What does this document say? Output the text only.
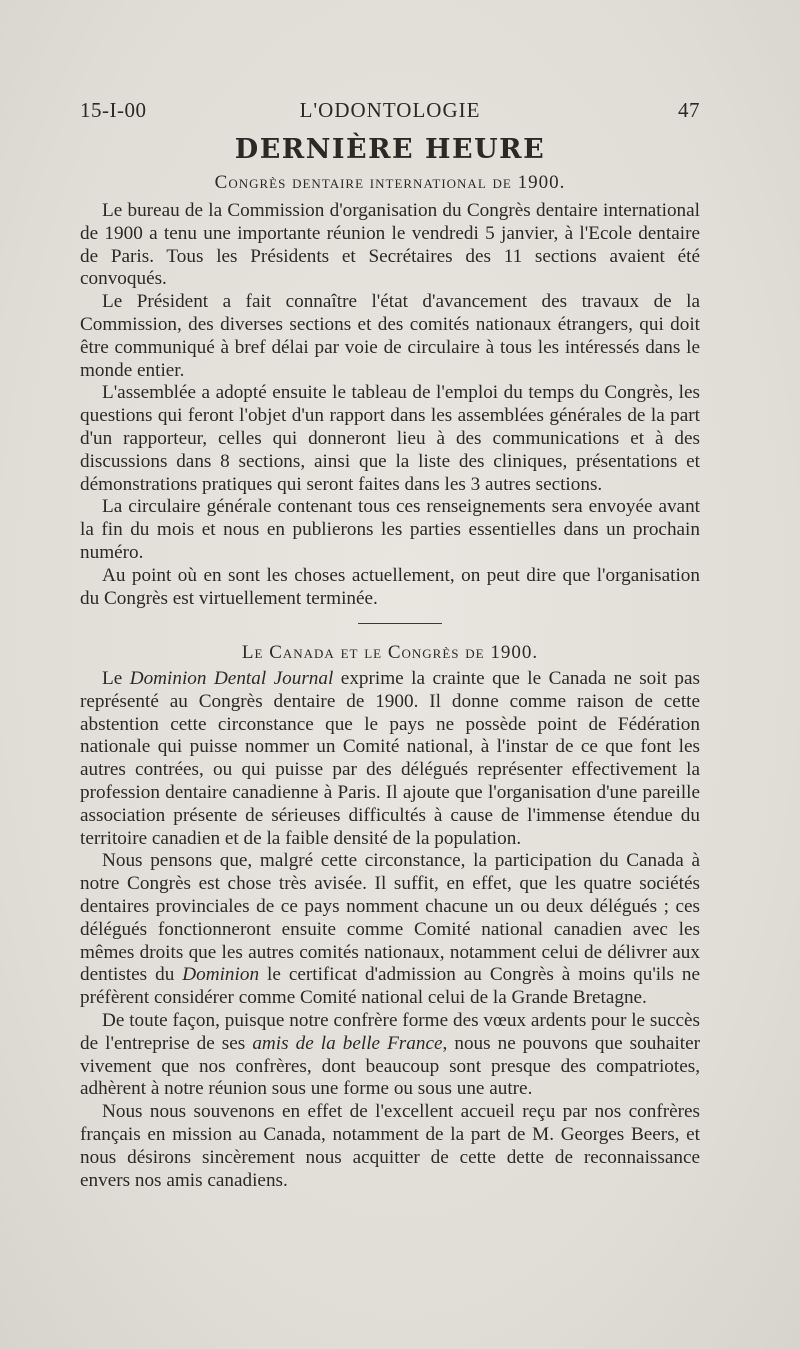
15-I-00	L'ODONTOLOGIE	47
DERNIÈRE HEURE
Congrès dentaire international de 1900.

Le bureau de la Commission d'organisation du Congrès dentaire international de 1900 a tenu une importante réunion le vendredi 5 janvier, à l'Ecole dentaire de Paris. Tous les Présidents et Secrétaires des 11 sections avaient été convoqués.

Le Président a fait connaître l'état d'avancement des travaux de la Commission, des diverses sections et des comités nationaux étrangers, qui doit être communiqué à bref délai par voie de circulaire à tous les intéressés dans le monde entier.

L'assemblée a adopté ensuite le tableau de l'emploi du temps du Congrès, les questions qui feront l'objet d'un rapport dans les assemblées générales de la part d'un rapporteur, celles qui donneront lieu à des communications et à des discussions dans 8 sections, ainsi que la liste des cliniques, présentations et démonstrations pratiques qui seront faites dans les 3 autres sections.

La circulaire générale contenant tous ces renseignements sera envoyée avant la fin du mois et nous en publierons les parties essentielles dans un prochain numéro.

Au point où en sont les choses actuellement, on peut dire que l'organisation du Congrès est virtuellement terminée.

Le Canada et le Congrès de 1900.

Le Dominion Dental Journal exprime la crainte que le Canada ne soit pas représenté au Congrès dentaire de 1900. Il donne comme raison de cette abstention cette circonstance que le pays ne possède point de Fédération nationale qui puisse nommer un Comité national, à l'instar de ce que font les autres contrées, ou qui puisse par des délégués représenter effectivement la profession dentaire canadienne à Paris. Il ajoute que l'organisation d'une pareille association présente de sérieuses difficultés à cause de l'immense étendue du territoire canadien et de la faible densité de la population.

Nous pensons que, malgré cette circonstance, la participation du Canada à notre Congrès est chose très avisée. Il suffit, en effet, que les quatre sociétés dentaires provinciales de ce pays nomment chacune un ou deux délégués ; ces délégués fonctionneront ensuite comme Comité national canadien avec les mêmes droits que les autres comités nationaux, notamment celui de délivrer aux dentistes du Dominion le certificat d'admission au Congrès à moins qu'ils ne préfèrent considérer comme Comité national celui de la Grande Bretagne.

De toute façon, puisque notre confrère forme des vœux ardents pour le succès de l'entreprise de ses amis de la belle France, nous ne pouvons que souhaiter vivement que nos confrères, dont beaucoup sont presque des compatriotes, adhèrent à notre réunion sous une forme ou sous une autre.

Nous nous souvenons en effet de l'excellent accueil reçu par nos confrères français en mission au Canada, notamment de la part de M. Georges Beers, et nous désirons sincèrement nous acquitter de cette dette de reconnaissance envers nos amis canadiens.
